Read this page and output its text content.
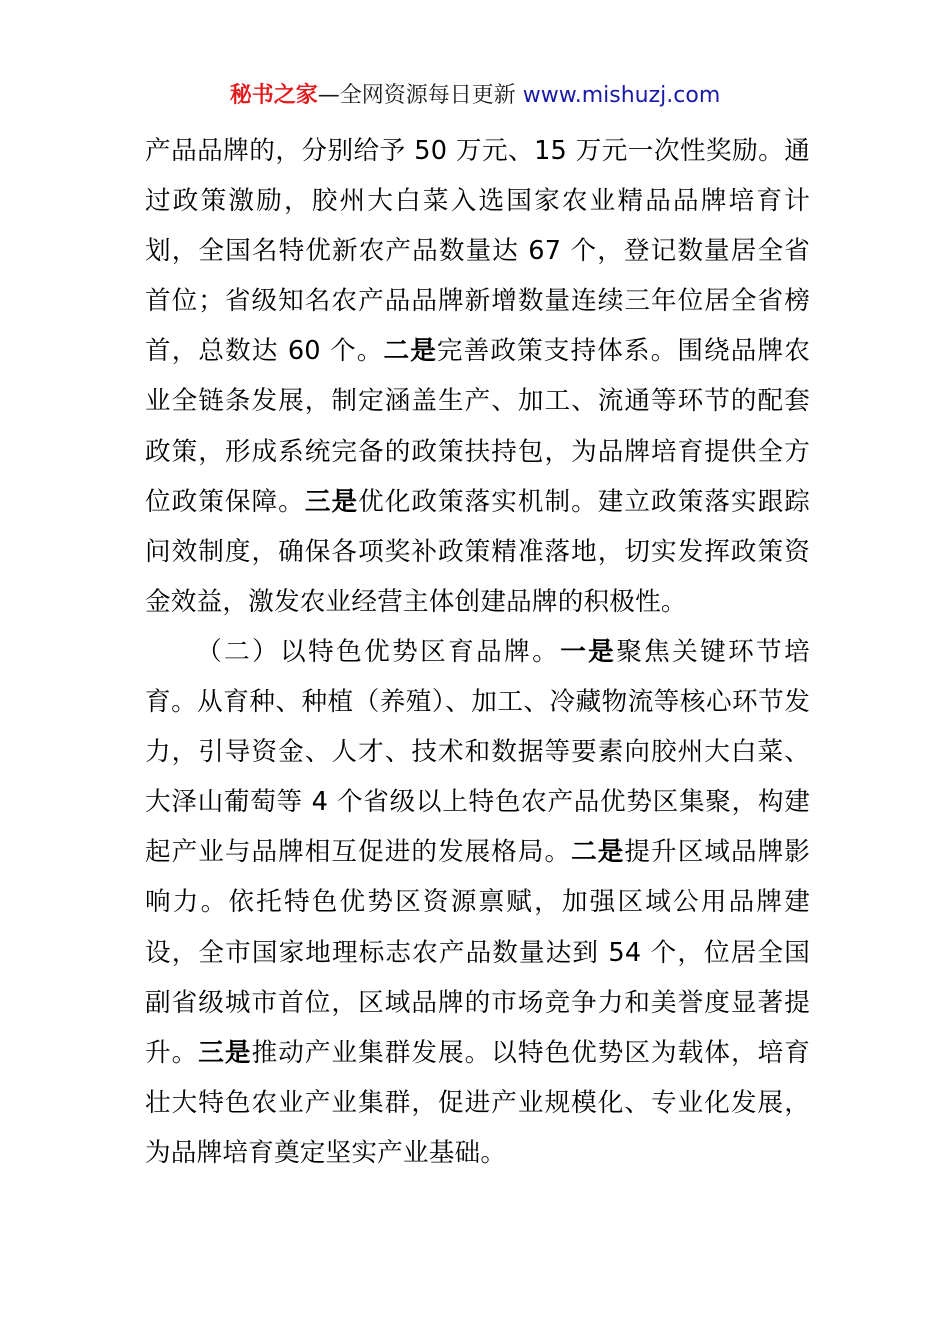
秘书之家—全网资源每日更新 www.mishuzj.com

产品品牌的，分别给予 50 万元、15 万元一次性奖励。通过政策激励，胶州大白菜入选国家农业精品品牌培育计划，全国名特优新农产品数量达 67 个，登记数量居全省首位；省级知名农产品品牌新增数量连续三年位居全省榜首，总数达 60 个。二是完善政策支持体系。围绕品牌农业全链条发展，制定涵盖生产、加工、流通等环节的配套政策，形成系统完备的政策扶持包，为品牌培育提供全方位政策保障。三是优化政策落实机制。建立政策落实跟踪问效制度，确保各项奖补政策精准落地，切实发挥政策资金效益，激发农业经营主体创建品牌的积极性。

（二）以特色优势区育品牌。一是聚焦关键环节培育。从育种、种植（养殖）、加工、冷藏物流等核心环节发力，引导资金、人才、技术和数据等要素向胶州大白菜、大泽山葡萄等 4 个省级以上特色农产品优势区集聚，构建起产业与品牌相互促进的发展格局。二是提升区域品牌影响力。依托特色优势区资源禀赋，加强区域公用品牌建设，全市国家地理标志农产品数量达到 54 个，位居全国副省级城市首位，区域品牌的市场竞争力和美誉度显著提升。三是推动产业集群发展。以特色优势区为载体，培育壮大特色农业产业集群，促进产业规模化、专业化发展，为品牌培育奠定坚实产业基础。
